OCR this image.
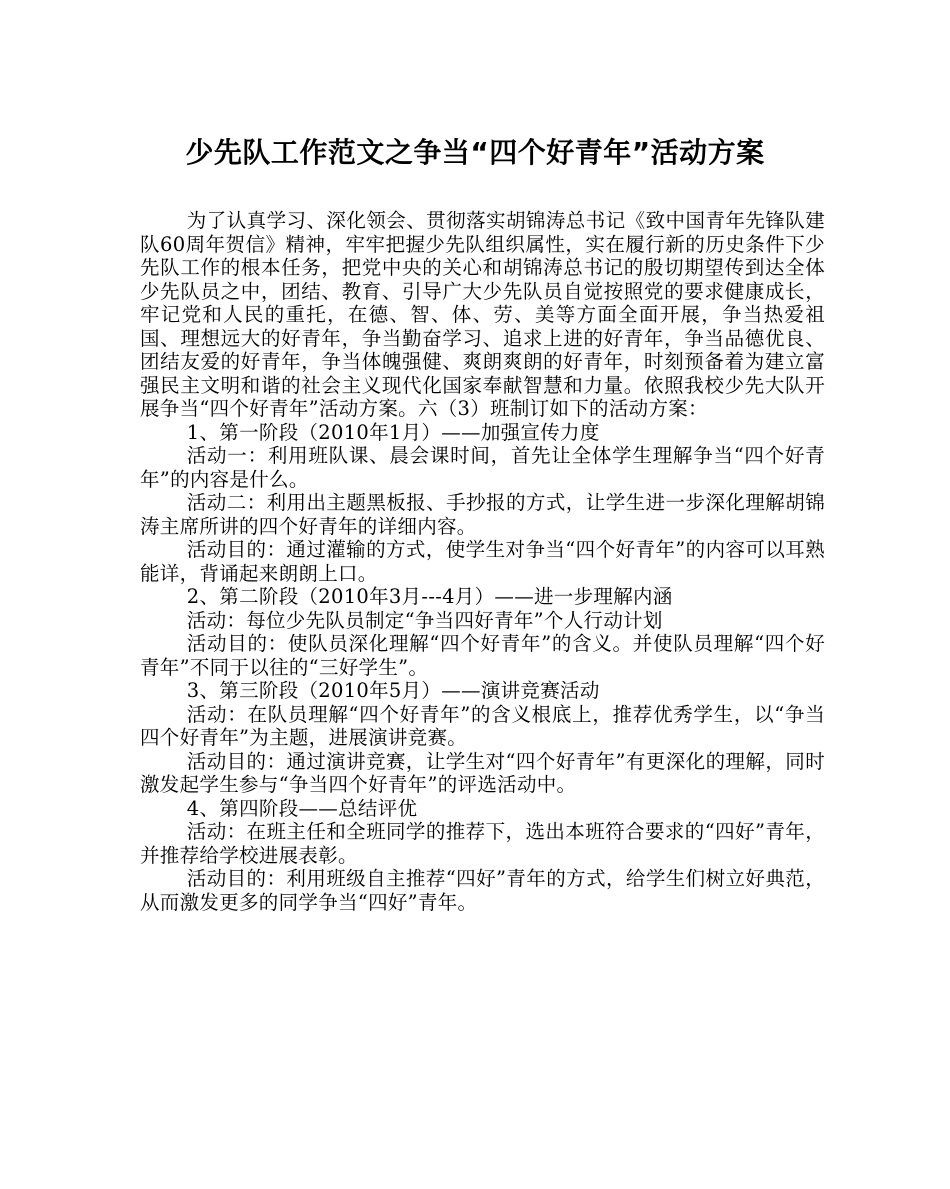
少先队工作范文之争当“四个好青年”活动方案

为了认真学习、深化领会、贯彻落实胡锦涛总书记《致中国青年先锋队建队60周年贺信》精神，牢牢把握少先队组织属性，实在履行新的历史条件下少先队工作的根本任务，把党中央的关心和胡锦涛总书记的殷切期望传到达全体少先队员之中，团结、教育、引导广大少先队员自觉按照党的要求健康成长，牢记党和人民的重托，在德、智、体、劳、美等方面全面开展，争当热爱祖国、理想远大的好青年，争当勤奋学习、追求上进的好青年，争当品德优良、团结友爱的好青年，争当体魄强健、爽朗爽朗的好青年，时刻预备着为建立富强民主文明和谐的社会主义现代化国家奉献智慧和力量。依照我校少先大队开展争当“四个好青年”活动方案。六（3）班制订如下的活动方案：

1、第一阶段（2010年1月）——加强宣传力度

活动一：利用班队课、晨会课时间，首先让全体学生理解争当“四个好青年”的内容是什么。

活动二：利用出主题黑板报、手抄报的方式，让学生进一步深化理解胡锦涛主席所讲的四个好青年的详细内容。

活动目的：通过灌输的方式，使学生对争当“四个好青年”的内容可以耳熟能详，背诵起来朗朗上口。

2、第二阶段（2010年3月---4月）——进一步理解内涵

活动：每位少先队员制定“争当四好青年”个人行动计划

活动目的：使队员深化理解“四个好青年”的含义。并使队员理解“四个好青年”不同于以往的“三好学生”。

3、第三阶段（2010年5月）——演讲竞赛活动

活动：在队员理解“四个好青年”的含义根底上，推荐优秀学生，以“争当四个好青年”为主题，进展演讲竞赛。

活动目的：通过演讲竞赛，让学生对“四个好青年”有更深化的理解，同时激发起学生参与“争当四个好青年”的评选活动中。

4、第四阶段——总结评优

活动：在班主任和全班同学的推荐下，选出本班符合要求的“四好”青年，并推荐给学校进展表彰。

活动目的：利用班级自主推荐“四好”青年的方式，给学生们树立好典范，从而激发更多的同学争当“四好”青年。
